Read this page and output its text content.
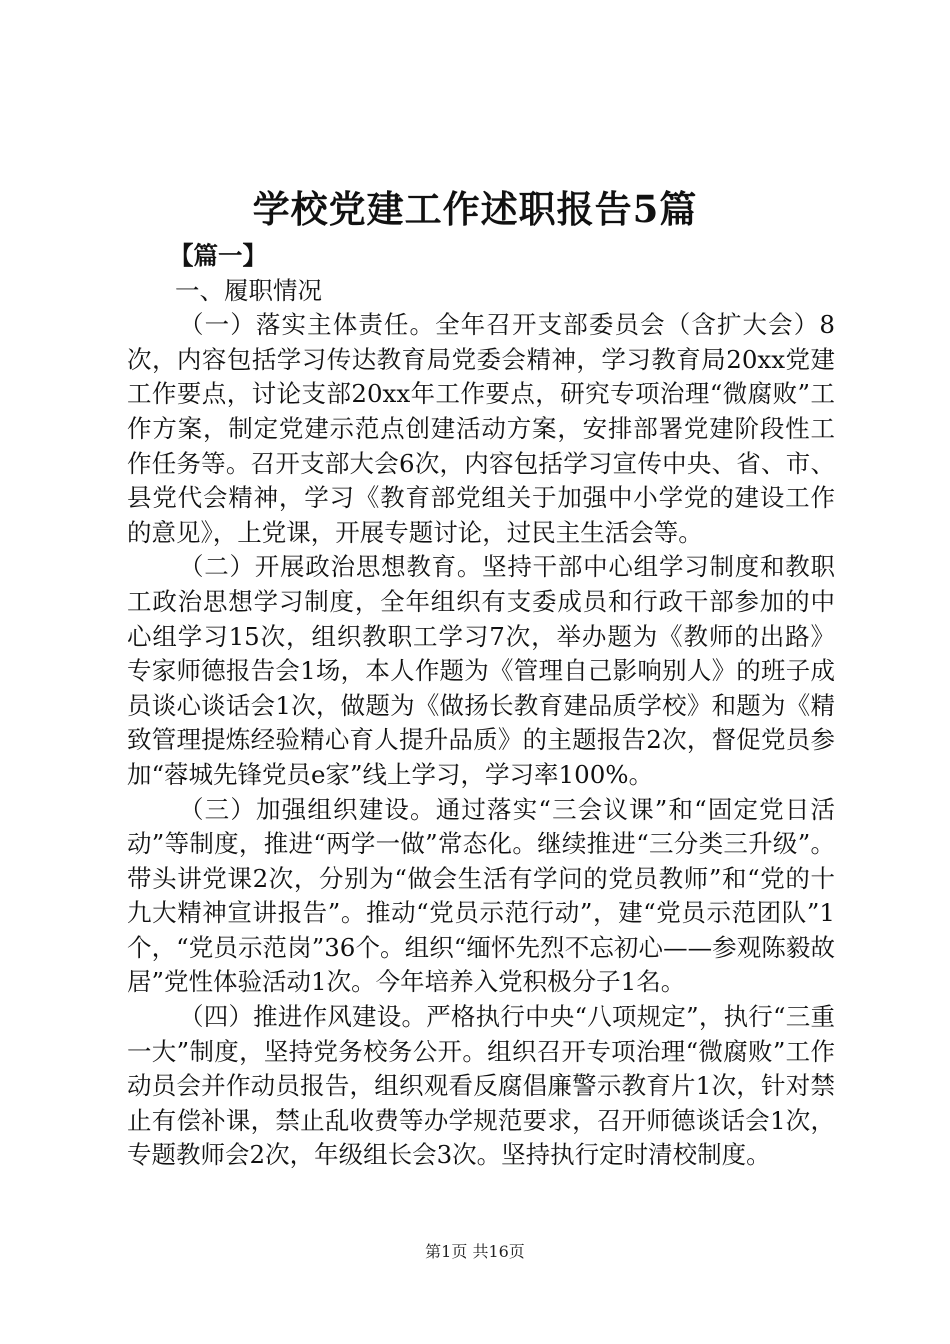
学校党建工作述职报告5篇

【篇一】

一、履职情况

（一）落实主体责任。全年召开支部委员会（含扩大会）8次，内容包括学习传达教育局党委会精神，学习教育局20xx党建工作要点，讨论支部20xx年工作要点，研究专项治理“微腐败”工作方案，制定党建示范点创建活动方案，安排部署党建阶段性工作任务等。召开支部大会6次，内容包括学习宣传中央、省、市、县党代会精神，学习《教育部党组关于加强中小学党的建设工作的意见》，上党课，开展专题讨论，过民主生活会等。

（二）开展政治思想教育。坚持干部中心组学习制度和教职工政治思想学习制度，全年组织有支委成员和行政干部参加的中心组学习15次，组织教职工学习7次，举办题为《教师的出路》专家师德报告会1场，本人作题为《管理自己影响别人》的班子成员谈心谈话会1次，做题为《做扬长教育建品质学校》和题为《精致管理提炼经验精心育人提升品质》的主题报告2次，督促党员参加“蓉城先锋党员e家”线上学习，学习率100%。

（三）加强组织建设。通过落实“三会议课”和“固定党日活动”等制度，推进“两学一做”常态化。继续推进“三分类三升级”。带头讲党课2次，分别为“做会生活有学问的党员教师”和“党的十九大精神宣讲报告”。推动“党员示范行动”，建“党员示范团队”1个，“党员示范岗”36个。组织“缅怀先烈不忘初心——参观陈毅故居”党性体验活动1次。今年培养入党积极分子1名。

（四）推进作风建设。严格执行中央“八项规定”，执行“三重一大”制度，坚持党务校务公开。组织召开专项治理“微腐败”工作动员会并作动员报告，组织观看反腐倡廉警示教育片1次，针对禁止有偿补课，禁止乱收费等办学规范要求，召开师德谈话会1次，专题教师会2次，年级组长会3次。坚持执行定时清校制度。

第1页 共16页
